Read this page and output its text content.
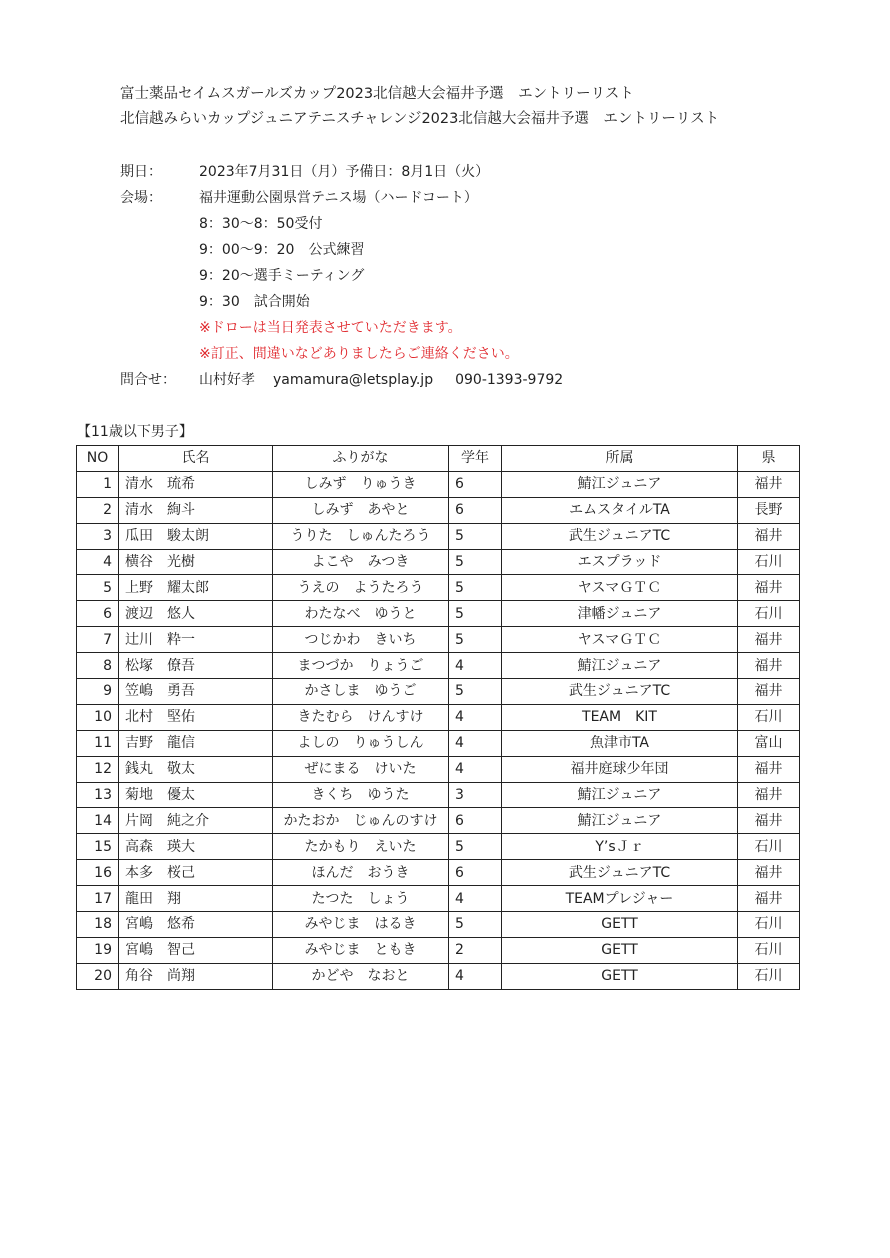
富士薬品セイムスガールズカップ2023北信越大会福井予選　エントリーリスト
北信越みらいカップジュニアテニスチャレンジ2023北信越大会福井予選　エントリーリスト
期日：	2023年7月31日（月）予備日：8月1日（火）
会場：	福井運動公園県営テニス場（ハードコート）
8：30～8：50受付
9：00～9：20　公式練習
9：20～選手ミーティング
9：30　試合開始
※ドローは当日発表させていただきます。
※訂正、間違いなどありましたらご連絡ください。
問合せ：	山村好孝 yamamura@letsplay.jp 090-1393-9792
【11歳以下男子】
NO	氏名	ふりがな	学年	所属	県
1	清水　琉希	しみず　りゅうき	6	鯖江ジュニア	福井
2	清水　絢斗	しみず　あやと	6	エムスタイルTA	長野
3	瓜田　駿太朗	うりた　しゅんたろう	5	武生ジュニアTC	福井
4	横谷　光樹	よこや　みつき	5	エスプラッド	石川
5	上野　耀太郎	うえの　ようたろう	5	ヤスマＧＴＣ	福井
6	渡辺　悠人	わたなべ　ゆうと	5	津幡ジュニア	石川
7	辻川　粋一	つじかわ　きいち	5	ヤスマＧＴＣ	福井
8	松塚　僚吾	まつづか　りょうご	4	鯖江ジュニア	福井
9	笠嶋　勇吾	かさしま　ゆうご	5	武生ジュニアTC	福井
10	北村　堅佑	きたむら　けんすけ	4	TEAM　KIT	石川
11	吉野　龍信	よしの　りゅうしん	4	魚津市TA	富山
12	銭丸　敬太	ぜにまる　けいた	4	福井庭球少年団	福井
13	菊地　優太	きくち　ゆうた	3	鯖江ジュニア	福井
14	片岡　純之介	かたおか　じゅんのすけ	6	鯖江ジュニア	福井
15	高森　瑛大	たかもり　えいた	5	Y’sＪｒ	石川
16	本多　桜己	ほんだ　おうき	6	武生ジュニアTC	福井
17	龍田　翔	たつた　しょう	4	TEAMプレジャー	福井
18	宮嶋　悠希	みやじま　はるき	5	GETT	石川
19	宮嶋　智己	みやじま　ともき	2	GETT	石川
20	角谷　尚翔	かどや　なおと	4	GETT	石川
